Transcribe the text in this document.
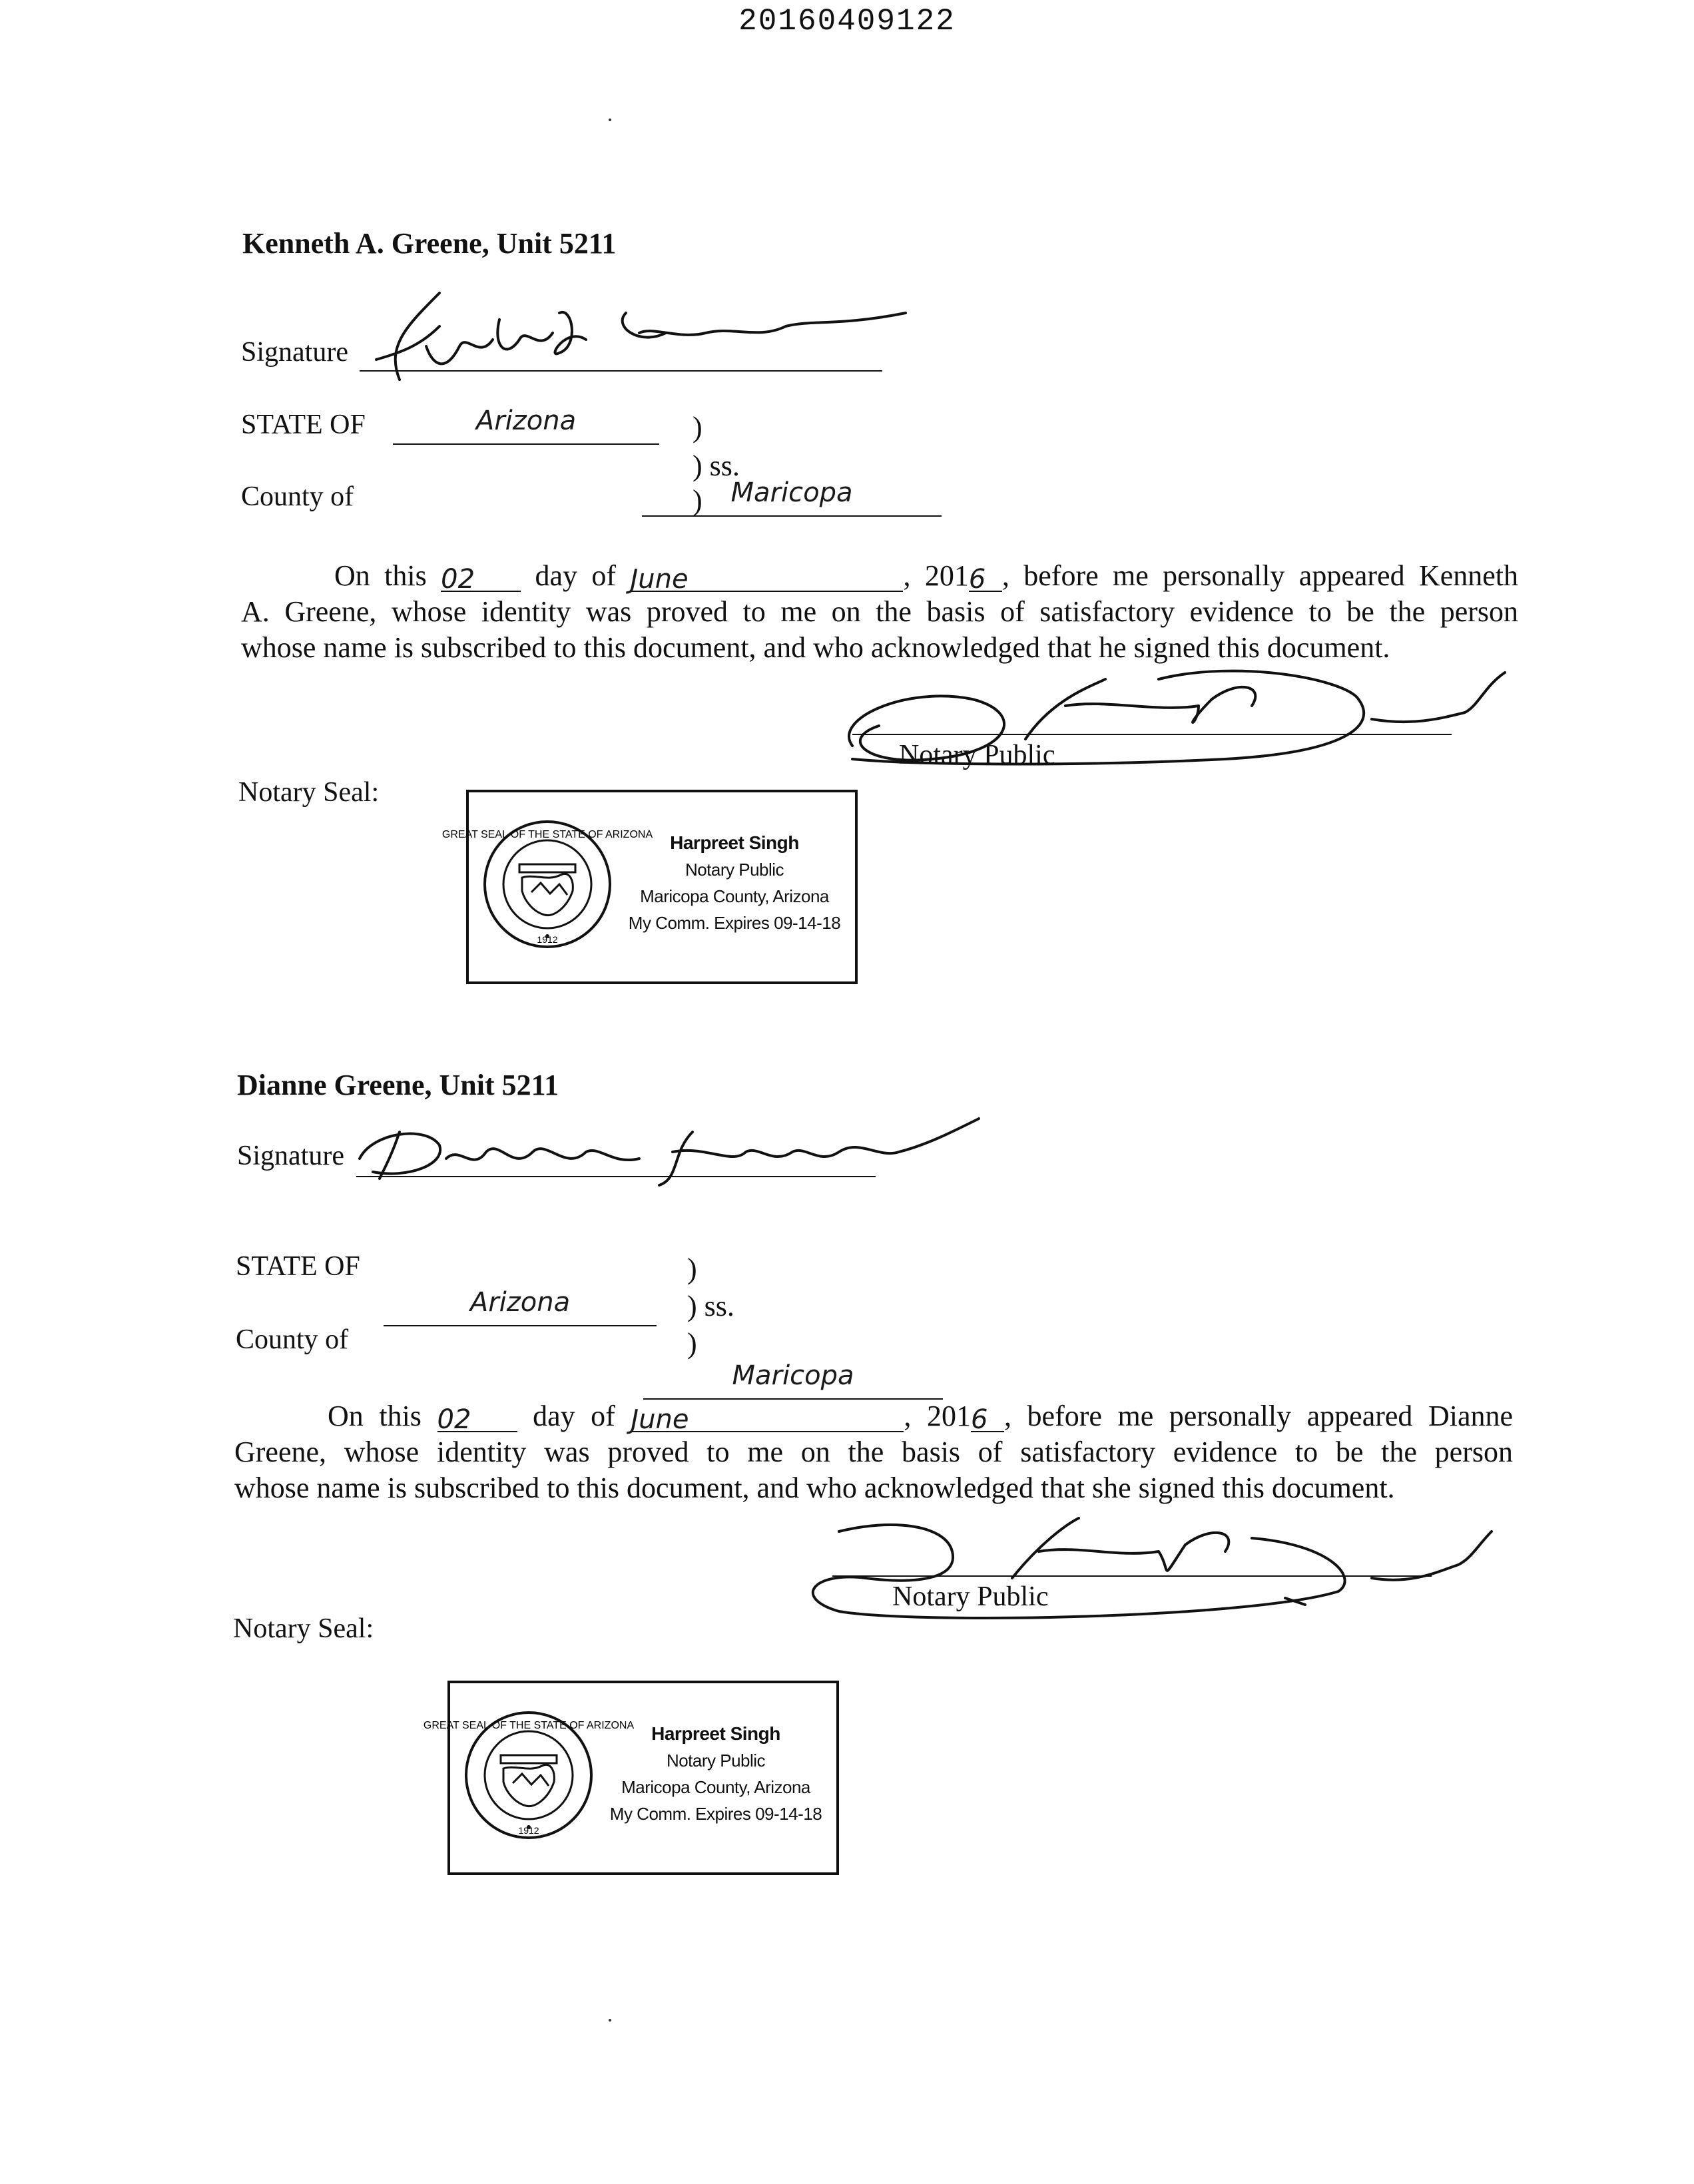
20160409122
Kenneth A. Greene, Unit 5211
Signature
STATE OF	Arizona	)
) ss.
County of	Maricopa
)
On this 02 day of June	, 2016 , before me personally appeared Kenneth
A. Greene, whose identity was proved to me on the basis of satisfactory evidence to be the person
whose name is subscribed to this document, and who acknowledged that he signed this document.
Notary Public
Notary Seal:
GREAT SEAL OF THE STATE OF ARIZONA
1912
Harpreet Singh
Notary Public
Maricopa County, Arizona
My Comm. Expires 09-14-18
Dianne Greene, Unit 5211
Signature
STATE OF
Arizona
)
) ss.
County of
Maricopa
)
On this 02 day of June	, 2016 , before me personally appeared Dianne
Greene, whose identity was proved to me on the basis of satisfactory evidence to be the person
whose name is subscribed to this document, and who acknowledged that she signed this document.
Notary Public
Notary Seal:
GREAT SEAL OF THE STATE OF ARIZONA
1912
Harpreet Singh
Notary Public
Maricopa County, Arizona
My Comm. Expires 09-14-18
